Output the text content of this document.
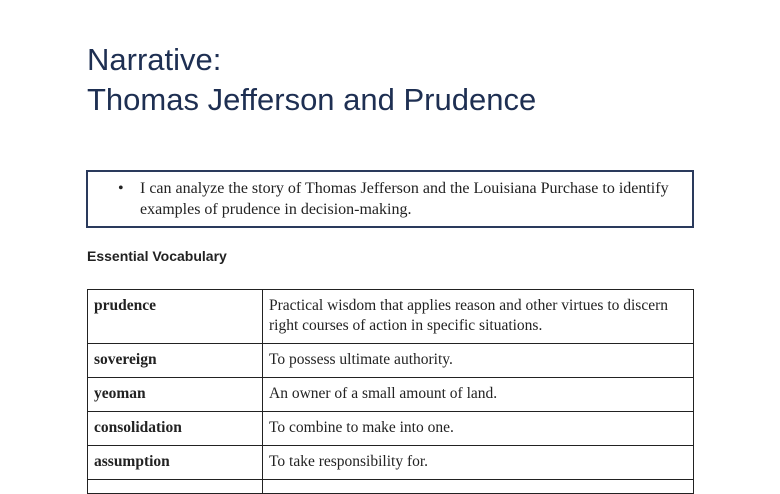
Narrative:
Thomas Jefferson and Prudence
• I can analyze the story of Thomas Jefferson and the Louisiana Purchase to identify examples of prudence in decision-making.
Essential Vocabulary
prudence	Practical wisdom that applies reason and other virtues to discern right courses of action in specific situations.
sovereign	To possess ultimate authority.
yeoman	An owner of a small amount of land.
consolidation	To combine to make into one.
assumption	To take responsibility for.
